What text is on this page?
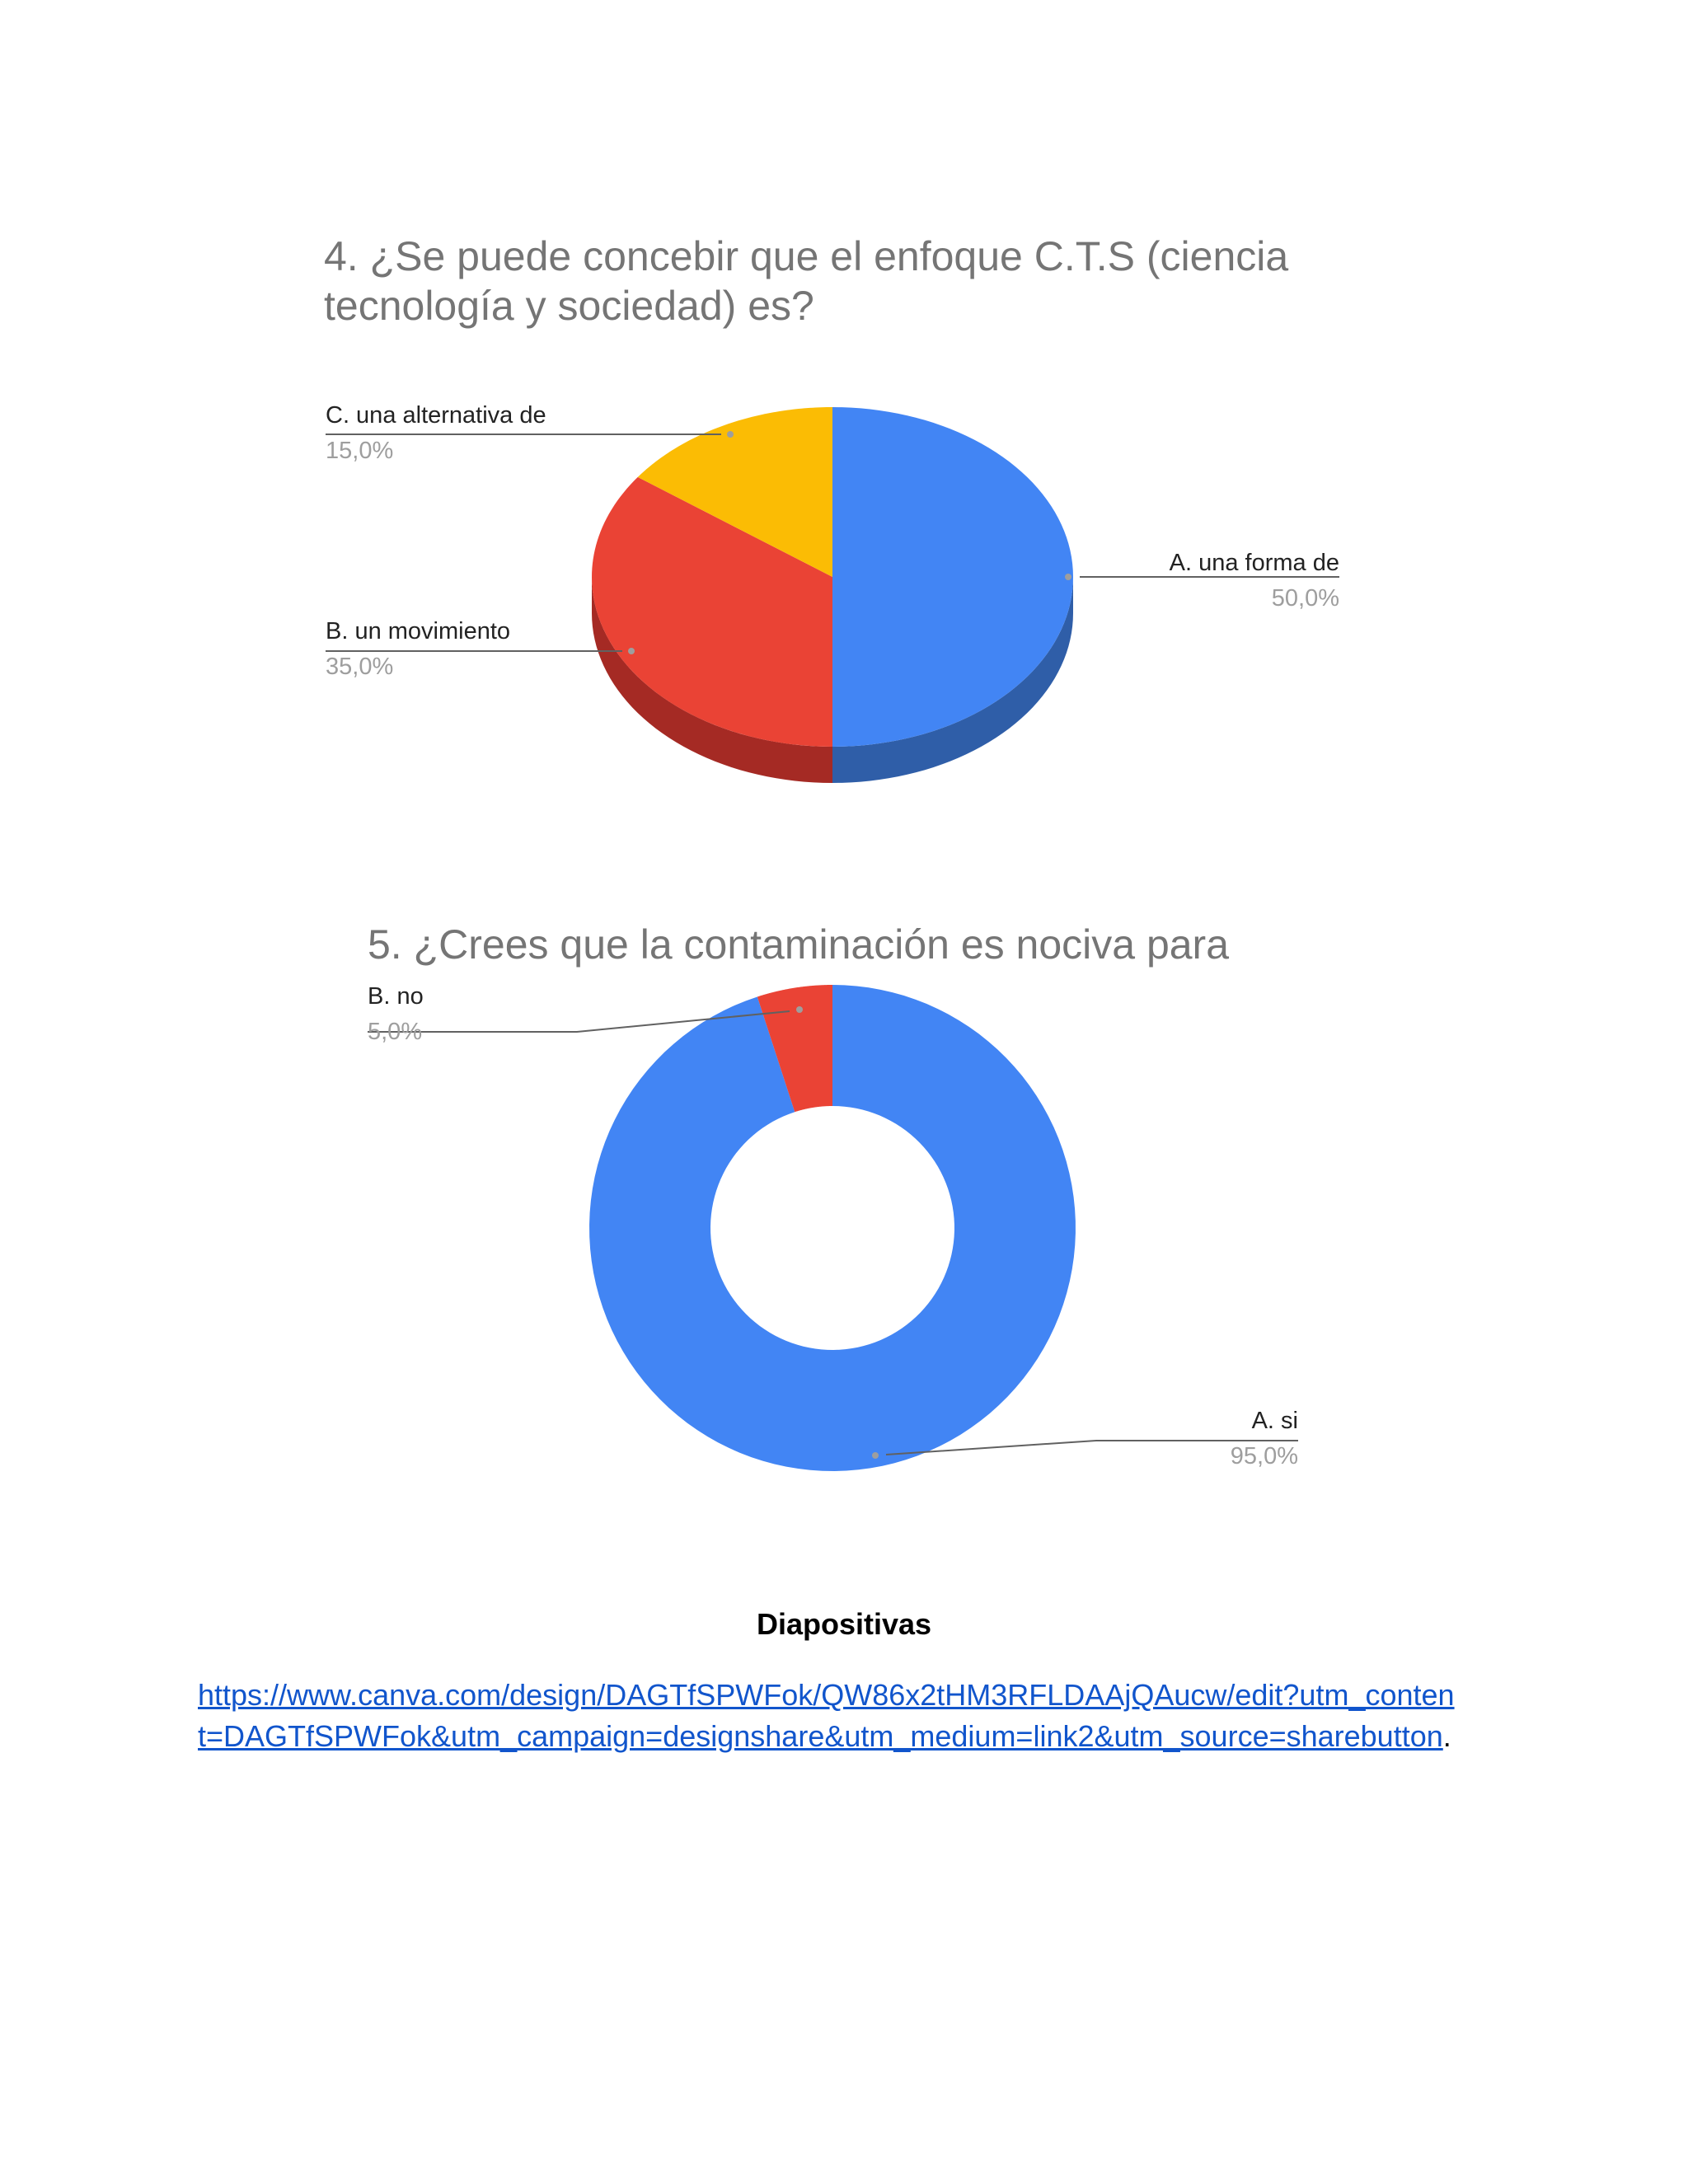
4. ¿Se puede concebir que el enfoque C.T.S (ciencia
tecnología y sociedad) es?
A. una forma de
50,0%
B. un movimiento
35,0%
C. una alternativa de
15,0%
5. ¿Crees que la contaminación es nociva para
A. si
95,0%
B. no
5,0%
Diapositivas
https://www.canva.com/design/DAGTfSPWFok/QW86x2tHM3RFLDAAjQAucw/edit?utm_conten
t=DAGTfSPWFok&utm_campaign=designshare&utm_medium=link2&utm_source=sharebutton.
